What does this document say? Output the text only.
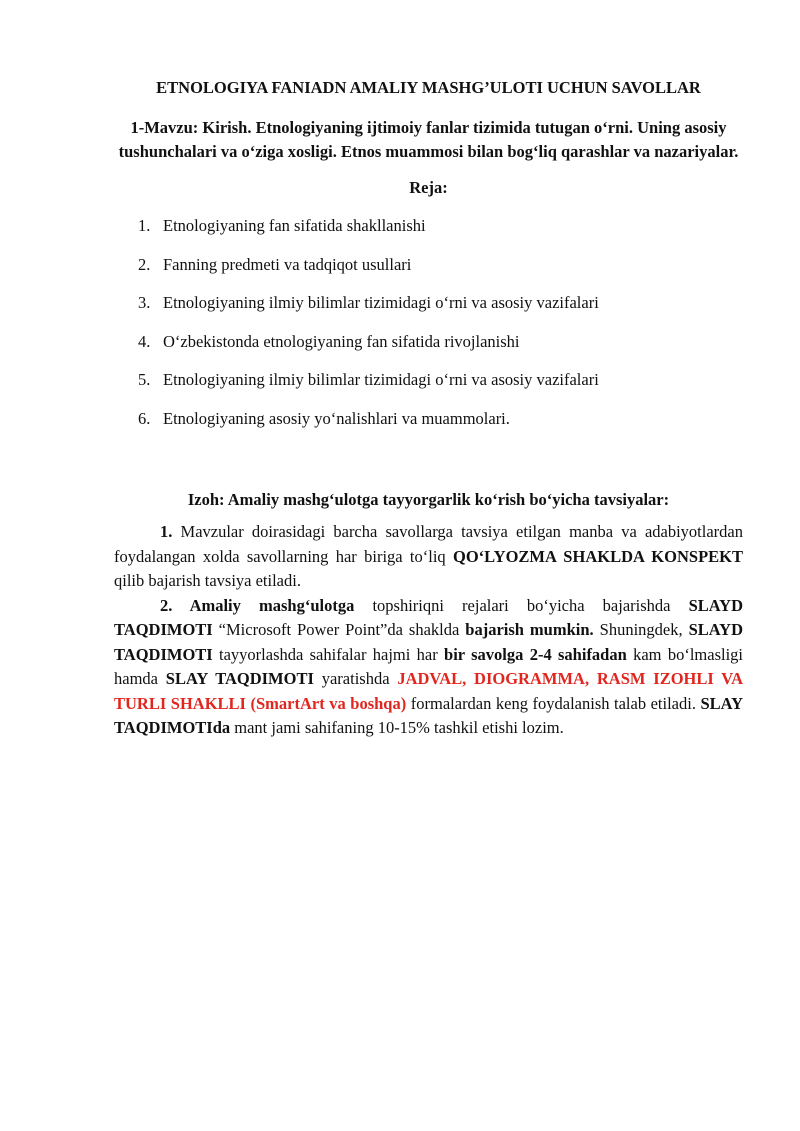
ETNOLOGIYA FANIADN AMALIY MASHG’ULOTI UCHUN SAVOLLAR

1-Mavzu: Kirish. Etnologiyaning ijtimoiy fanlar tizimida tutugan o‘rni. Uning asosiy tushunchalari va o‘ziga xosligi. Etnos muammosi bilan bog‘liq qarashlar va nazariyalar.

Reja:

1. Etnologiyaning fan sifatida shakllanishi
2. Fanning predmeti va tadqiqot usullari
3. Etnologiyaning ilmiy bilimlar tizimidagi o‘rni va asosiy vazifalari
4. O‘zbekistonda etnologiyaning fan sifatida rivojlanishi
5. Etnologiyaning ilmiy bilimlar tizimidagi o‘rni va asosiy vazifalari
6. Etnologiyaning asosiy yo‘nalishlari va muammolari.

Izoh: Amaliy mashg‘ulotga tayyorgarlik ko‘rish bo‘yicha tavsiyalar:

1. Mavzular doirasidagi barcha savollarga tavsiya etilgan manba va adabiyotlardan foydalangan xolda savollarning har biriga to‘liq QO‘LYOZMA SHAKLDA KONSPEKT qilib bajarish tavsiya etiladi.

2. Amaliy mashg‘ulotga topshiriqni rejalari bo‘yicha bajarishda SLAYD TAQDIMOTI “Microsoft Power Point”da shaklda bajarish mumkin. Shuningdek, SLAYD TAQDIMOTI tayyorlashda sahifalar hajmi har bir savolga 2-4 sahifadan kam bo‘lmasligi hamda SLAY TAQDIMOTI yaratishda JADVAL, DIOGRAMMA, RASM IZOHLI VA TURLI SHAKLLI (SmartArt va boshqa) formalardan keng foydalanish talab etiladi. SLAY TAQDIMOTIda mant jami sahifaning 10-15% tashkil etishi lozim.
